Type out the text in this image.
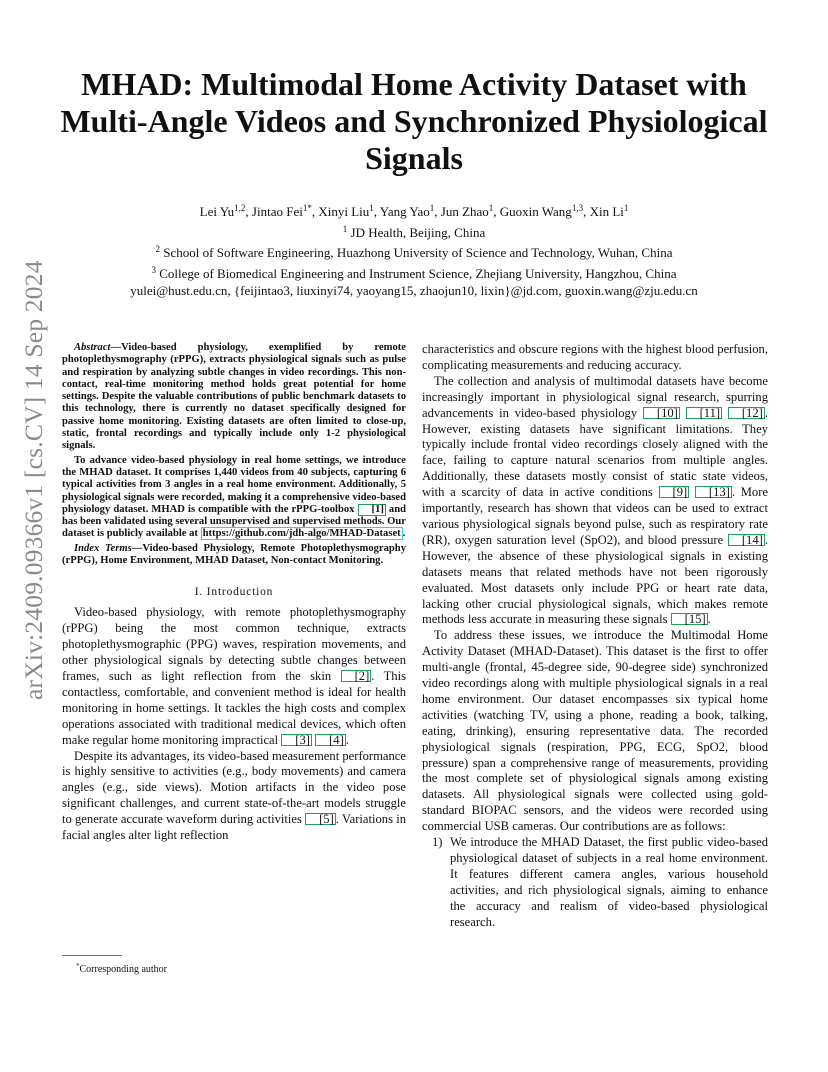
arXiv:2409.09366v1 [cs.CV] 14 Sep 2024
MHAD: Multimodal Home Activity Dataset with
Multi-Angle Videos and Synchronized Physiological
Signals
Lei Yu$^{1,2}$, Jintao Fei$^{1*}$, Xinyi Liu$^1$, Yang Yao$^1$, Jun Zhao$^1$, Guoxin Wang$^{1,3}$, Xin Li$^1$
$^1$ JD Health, Beijing, China
$^2$ School of Software Engineering, Huazhong University of Science and Technology, Wuhan, China
$^3$ College of Biomedical Engineering and Instrument Science, Zhejiang University, Hangzhou, China
yulei@hust.edu.cn, {feijintao3, liuxinyi74, yaoyang15, zhaojun10, lixin}@jd.com, guoxin.wang@zju.edu.cn

Abstract—Video-based physiology, exemplified by remote photoplethysmography (rPPG), extracts physiological signals such as pulse and respiration by analyzing subtle changes in video recordings. This non-contact, real-time monitoring method holds great potential for home settings. Despite the valuable contributions of public benchmark datasets to this technology, there is currently no dataset specifically designed for passive home monitoring. Existing datasets are often limited to close-up, static, frontal recordings and typically include only 1-2 physiological signals.

To advance video-based physiology in real home settings, we introduce the MHAD dataset. It comprises 1,440 videos from 40 subjects, capturing 6 typical activities from 3 angles in a real home environment. Additionally, 5 physiological signals were recorded, making it a comprehensive video-based physiology dataset. MHAD is compatible with the rPPG-toolbox [1] and has been validated using several unsupervised and supervised methods. Our dataset is publicly available at https://github.com/jdh-algo/MHAD-Dataset .

Index Terms—Video-based Physiology, Remote Photoplethysmography (rPPG), Home Environment, MHAD Dataset, Non-contact Monitoring.

I. Introduction

Video-based physiology, with remote photoplethysmography (rPPG) being the most common technique, extracts photoplethysmographic (PPG) waves, respiration movements, and other physiological signals by detecting subtle changes between frames, such as light reflection from the skin [2] . This contactless, comfortable, and convenient method is ideal for health monitoring in home settings. It tackles the high costs and complex operations associated with traditional medical devices, which often make regular home monitoring impractical [3] [4] .

Despite its advantages, its video-based measurement performance is highly sensitive to activities (e.g., body movements) and camera angles (e.g., side views). Motion artifacts in the video pose significant challenges, and current state-of-the-art models struggle to generate accurate waveform during activities [5] . Variations in facial angles alter light reflection

characteristics and obscure regions with the highest blood perfusion, complicating measurements and reducing accuracy.

The collection and analysis of multimodal datasets have become increasingly important in physiological signal research, spurring advancements in video-based physiology [10] [11] [12] . However, existing datasets have significant limitations. They typically include frontal video recordings closely aligned with the face, failing to capture natural scenarios from multiple angles. Additionally, these datasets mostly consist of static state videos, with a scarcity of data in active conditions [9] [13] . More importantly, research has shown that videos can be used to extract various physiological signals beyond pulse, such as respiratory rate (RR), oxygen saturation level (SpO2), and blood pressure [14] . However, the absence of these physiological signals in existing datasets means that related methods have not been rigorously evaluated. Most datasets only include PPG or heart rate data, lacking other crucial physiological signals, which makes remote methods less accurate in measuring these signals [15] .

To address these issues, we introduce the Multimodal Home Activity Dataset (MHAD-Dataset). This dataset is the first to offer multi-angle (frontal, 45-degree side, 90-degree side) synchronized video recordings along with multiple physiological signals in a real home environment. Our dataset encompasses six typical home activities (watching TV, using a phone, reading a book, talking, eating, drinking), ensuring representative data. The recorded physiological signals (respiration, PPG, ECG, SpO2, blood pressure) span a comprehensive range of measurements, providing the most complete set of physiological signals among existing datasets. All physiological signals were collected using gold-standard BIOPAC sensors, and the videos were recorded using commercial USB cameras. Our contributions are as follows:

1) We introduce the MHAD Dataset, the first public video-based physiological dataset of subjects in a real home environment. It features different camera angles, various household activities, and rich physiological signals, aiming to enhance the accuracy and realism of video-based physiological research.
*Corresponding author
